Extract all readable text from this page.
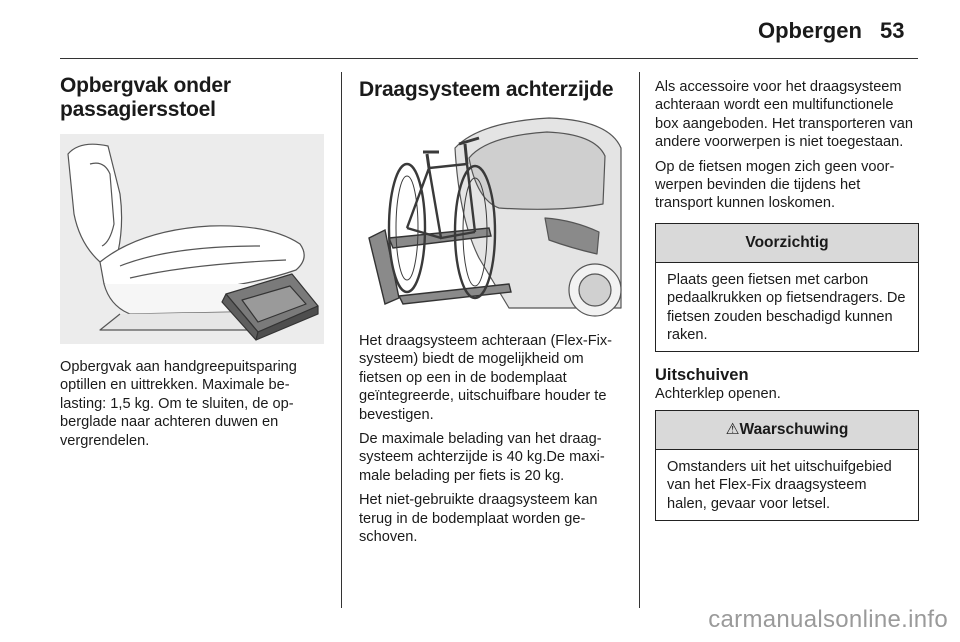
Opbergen 53
Opbergvak onder passagiersstoel

Opbergvak aan handgreepuitsparing optillen en uittrekken. Maximale belasting: 1,5 kg. Om te sluiten, de opberglade naar achteren duwen en vergrendelen.

Draagsysteem achterzijde

Het draagsysteem achteraan (Flex-Fix-systeem) biedt de mogelijkheid om fietsen op een in de bodemplaat geïntegreerde, uitschuifbare houder te bevestigen.

De maximale belading van het draagsysteem achterzijde is 40 kg.De maximale belading per fiets is 20 kg.

Het niet-gebruikte draagsysteem kan terug in de bodemplaat worden geschoven.

Als accessoire voor het draagsysteem achteraan wordt een multifunctionele box aangeboden. Het transporteren van andere voorwerpen is niet toegestaan.

Op de fietsen mogen zich geen voorwerpen bevinden die tijdens het transport kunnen loskomen.

Voorzichtig

Plaats geen fietsen met carbon pedaalkrukken op fietsendragers. De fietsen zouden beschadigd kunnen raken.

Uitschuiven

Achterklep openen.

⚠Waarschuwing

Omstanders uit het uitschuifgebied van het Flex-Fix draagsysteem halen, gevaar voor letsel.

carmanualsonline.info
